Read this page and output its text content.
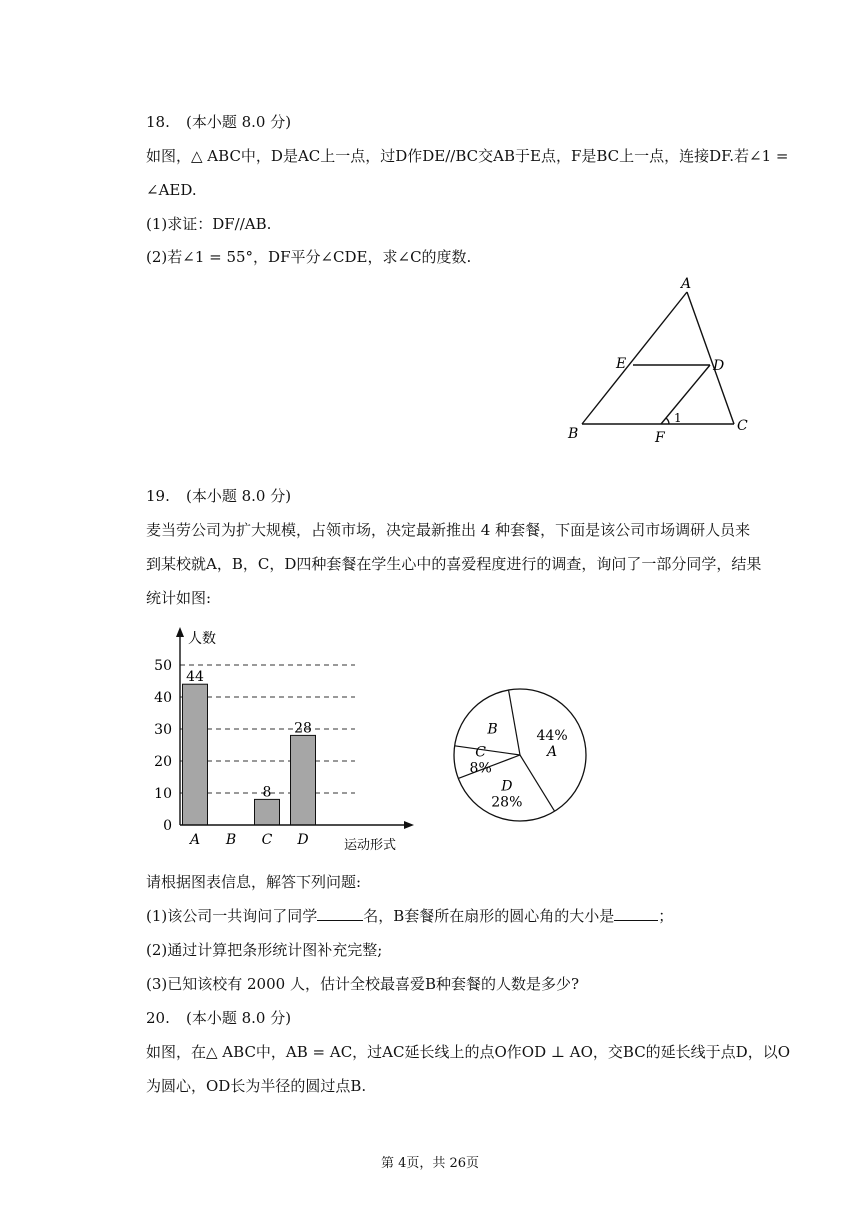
18. (本小题 8.0 分)
如图，△ ABC中，D是AC上一点，过D作DE//BC交AB于E点，F是BC上一点，连接DF.若∠1 =
∠AED.
(1)求证：DF//AB.
(2)若∠1 = 55°，DF平分∠CDE，求∠C的度数.
A
E	D
B	C
F
1
19. (本小题 8.0 分)
麦当劳公司为扩大规模，占领市场，决定最新推出 4 种套餐，下面是该公司市场调研人员来
到某校就A，B，C，D四种套餐在学生心中的喜爱程度进行的调查，询问了一部分同学，结果
统计如图:
44
8
28
0
10
20
30
40
50
A B C D
人数
运动形式
44%
A
D
28%
C
8%
B
请根据图表信息，解答下列问题:
(1)该公司一共询问了同学	名，B套餐所在扇形的圆心角的大小是	；
(2)通过计算把条形统计图补充完整;
(3)已知该校有 2000 人，估计全校最喜爱B种套餐的人数是多少?
20. (本小题 8.0 分)
如图，在△ ABC中，AB = AC，过AC延长线上的点O作OD ⊥ AO，交BC的延长线于点D，以O
为圆心，OD长为半径的圆过点B.
第 4页，共 26页
